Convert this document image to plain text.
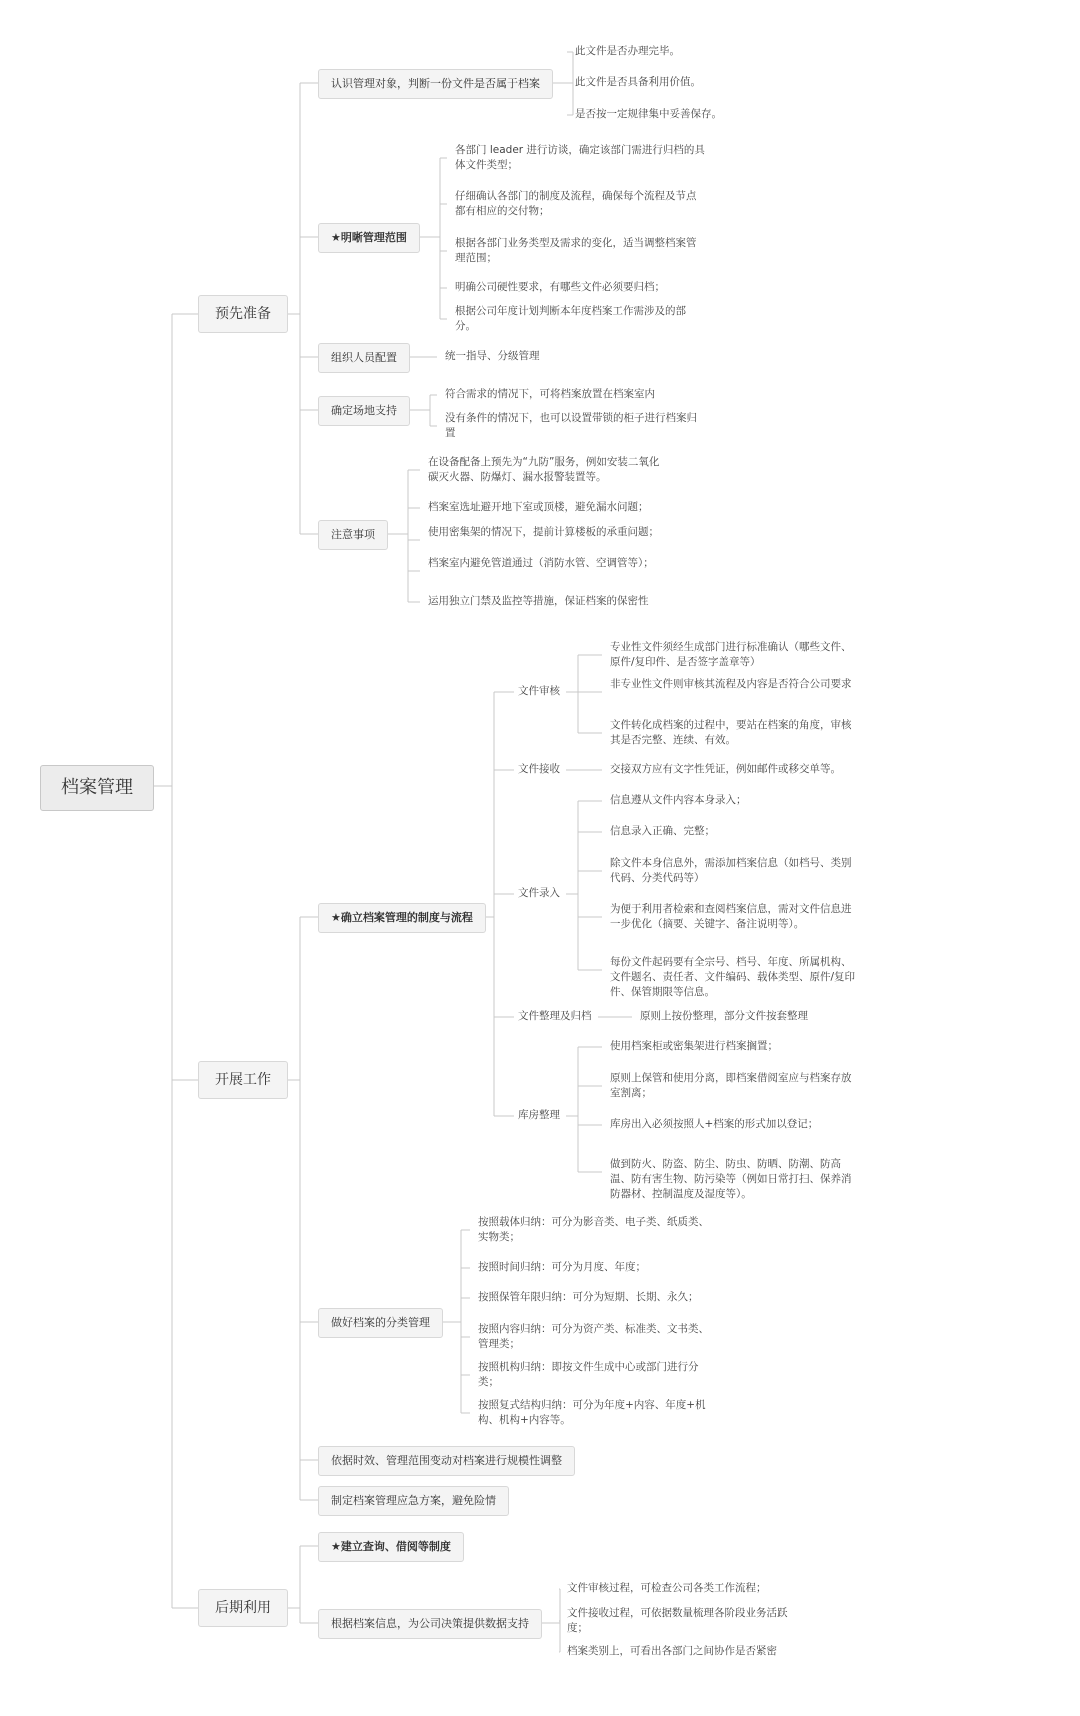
档案管理
预先准备
开展工作
后期利用
认识管理对象，判断一份文件是否属于档案
此文件是否办理完毕。
此文件是否具备利用价值。
是否按一定规律集中妥善保存。
★明晰管理范围
各部门 leader 进行访谈，确定该部门需进行归档的具体文件类型；
仔细确认各部门的制度及流程，确保每个流程及节点都有相应的交付物；
根据各部门业务类型及需求的变化，适当调整档案管理范围；
明确公司硬性要求，有哪些文件必须要归档；
根据公司年度计划判断本年度档案工作需涉及的部分。
组织人员配置	统一指导、分级管理
确定场地支持
符合需求的情况下，可将档案放置在档案室内
没有条件的情况下，也可以设置带锁的柜子进行档案归置
注意事项
在设备配备上预先为“九防”服务，例如安装二氧化碳灭火器、防爆灯、漏水报警装置等。
档案室选址避开地下室或顶楼，避免漏水问题；
使用密集架的情况下，提前计算楼板的承重问题；
档案室内避免管道通过（消防水管、空调管等）；
运用独立门禁及监控等措施，保证档案的保密性
★确立档案管理的制度与流程
文件审核
专业性文件须经生成部门进行标准确认（哪些文件、原件/复印件、是否签字盖章等）
非专业性文件则审核其流程及内容是否符合公司要求
文件转化成档案的过程中，要站在档案的角度，审核其是否完整、连续、有效。
文件接收	交接双方应有文字性凭证，例如邮件或移交单等。
文件录入
信息遵从文件内容本身录入；
信息录入正确、完整；
除文件本身信息外，需添加档案信息（如档号、类别代码、分类代码等）
为便于利用者检索和查阅档案信息，需对文件信息进一步优化（摘要、关键字、备注说明等）。
每份文件起码要有全宗号、档号、年度、所属机构、文件题名、责任者、文件编码、载体类型、原件/复印件、保管期限等信息。
文件整理及归档	原则上按份整理，部分文件按套整理
库房整理
使用档案柜或密集架进行档案搁置；
原则上保管和使用分离，即档案借阅室应与档案存放室割离；
库房出入必须按照人+档案的形式加以登记；
做到防火、防盗、防尘、防虫、防晒、防潮、防高温、防有害生物、防污染等（例如日常打扫、保养消防器材、控制温度及湿度等）。
做好档案的分类管理
按照载体归纳：可分为影音类、电子类、纸质类、实物类；
按照时间归纳：可分为月度、年度；
按照保管年限归纳：可分为短期、长期、永久；
按照内容归纳：可分为资产类、标准类、文书类、管理类；
按照机构归纳：即按文件生成中心或部门进行分类；
按照复式结构归纳：可分为年度+内容、年度+机构、机构+内容等。
依据时效、管理范围变动对档案进行规模性调整
制定档案管理应急方案，避免险情
★建立查询、借阅等制度
根据档案信息，为公司决策提供数据支持
文件审核过程，可检查公司各类工作流程；
文件接收过程，可依据数量梳理各阶段业务活跃度；
档案类别上，可看出各部门之间协作是否紧密
